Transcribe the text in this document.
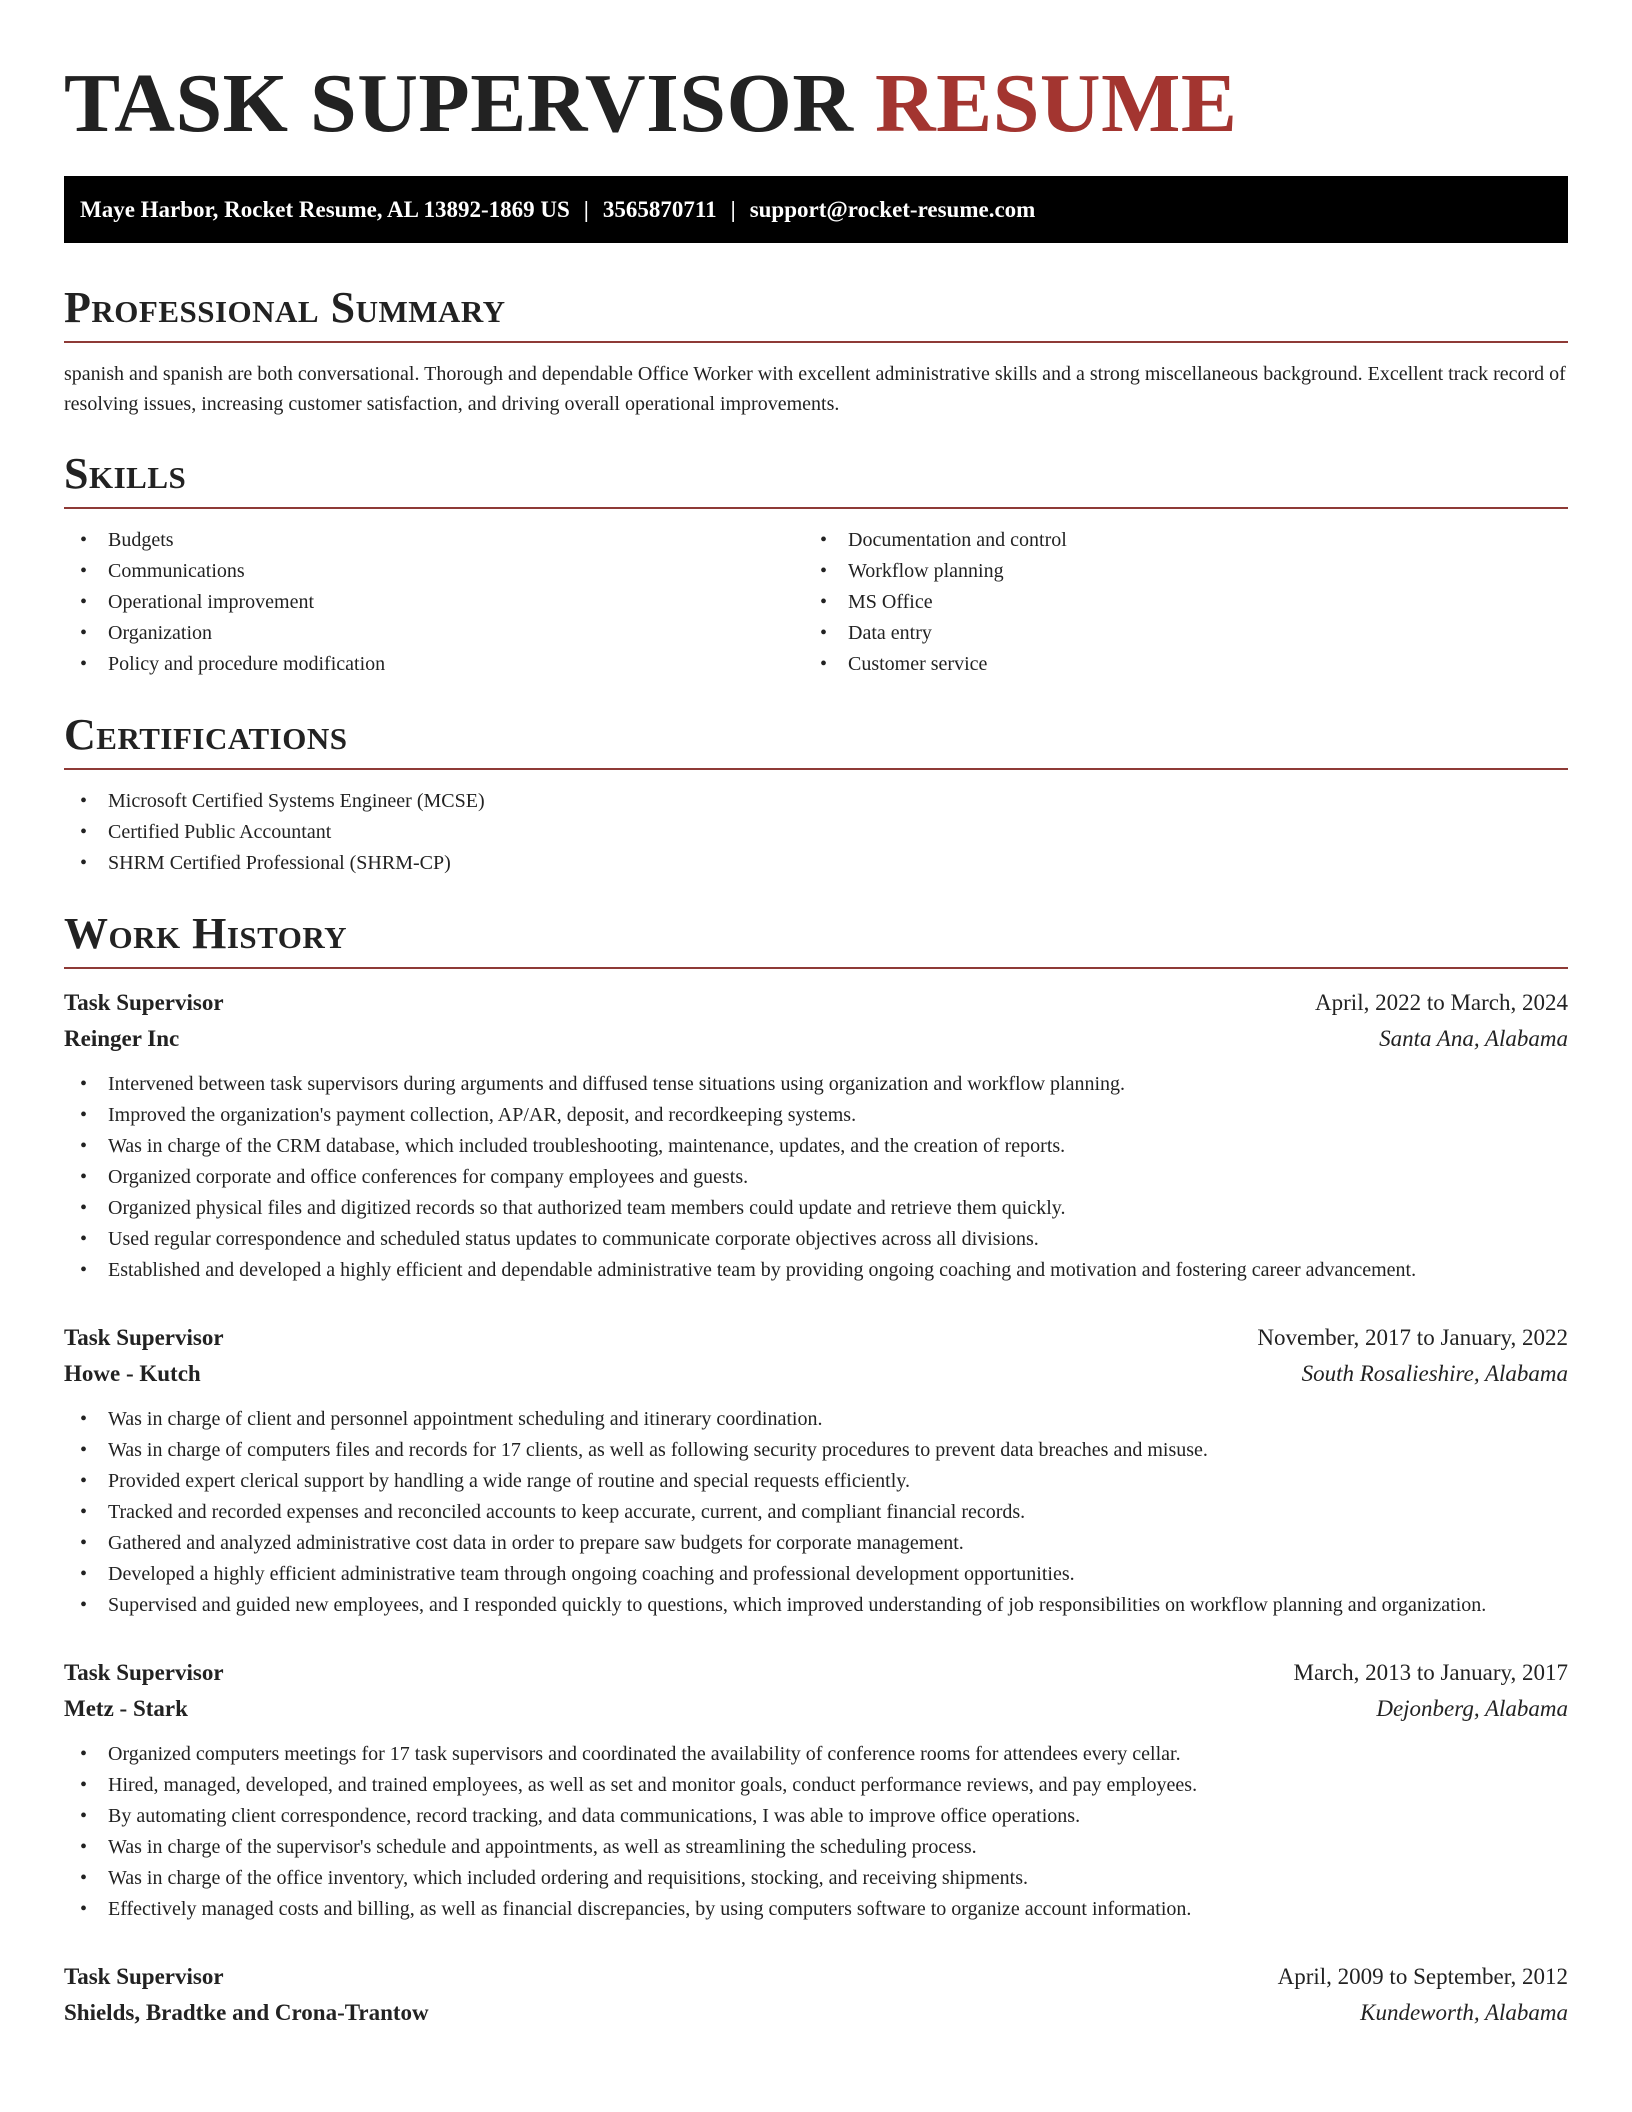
TASK SUPERVISOR RESUME
Maye Harbor, Rocket Resume, AL 13892-1869 US | 3565870711 | support@rocket-resume.com
Professional Summary

spanish and spanish are both conversational. Thorough and dependable Office Worker with excellent administrative skills and a strong miscellaneous background. Excellent track record of resolving issues, increasing customer satisfaction, and driving overall operational improvements.

Skills
• Budgets
• Communications
• Operational improvement
• Organization
• Policy and procedure modification
• Documentation and control
• Workflow planning
• MS Office
• Data entry
• Customer service
Certifications
• Microsoft Certified Systems Engineer (MCSE)
• Certified Public Accountant
• SHRM Certified Professional (SHRM-CP)
Work History
Task Supervisor	April, 2022 to March, 2024
Reinger Inc	Santa Ana, Alabama
• Intervened between task supervisors during arguments and diffused tense situations using organization and workflow planning.
• Improved the organization's payment collection, AP/AR, deposit, and recordkeeping systems.
• Was in charge of the CRM database, which included troubleshooting, maintenance, updates, and the creation of reports.
• Organized corporate and office conferences for company employees and guests.
• Organized physical files and digitized records so that authorized team members could update and retrieve them quickly.
• Used regular correspondence and scheduled status updates to communicate corporate objectives across all divisions.
• Established and developed a highly efficient and dependable administrative team by providing ongoing coaching and motivation and fostering career advancement.
Task Supervisor	November, 2017 to January, 2022
Howe - Kutch	South Rosalieshire, Alabama
• Was in charge of client and personnel appointment scheduling and itinerary coordination.
• Was in charge of computers files and records for 17 clients, as well as following security procedures to prevent data breaches and misuse.
• Provided expert clerical support by handling a wide range of routine and special requests efficiently.
• Tracked and recorded expenses and reconciled accounts to keep accurate, current, and compliant financial records.
• Gathered and analyzed administrative cost data in order to prepare saw budgets for corporate management.
• Developed a highly efficient administrative team through ongoing coaching and professional development opportunities.
• Supervised and guided new employees, and I responded quickly to questions, which improved understanding of job responsibilities on workflow planning and organization.
Task Supervisor	March, 2013 to January, 2017
Metz - Stark	Dejonberg, Alabama
• Organized computers meetings for 17 task supervisors and coordinated the availability of conference rooms for attendees every cellar.
• Hired, managed, developed, and trained employees, as well as set and monitor goals, conduct performance reviews, and pay employees.
• By automating client correspondence, record tracking, and data communications, I was able to improve office operations.
• Was in charge of the supervisor's schedule and appointments, as well as streamlining the scheduling process.
• Was in charge of the office inventory, which included ordering and requisitions, stocking, and receiving shipments.
• Effectively managed costs and billing, as well as financial discrepancies, by using computers software to organize account information.
Task Supervisor	April, 2009 to September, 2012
Shields, Bradtke and Crona-Trantow	Kundeworth, Alabama
